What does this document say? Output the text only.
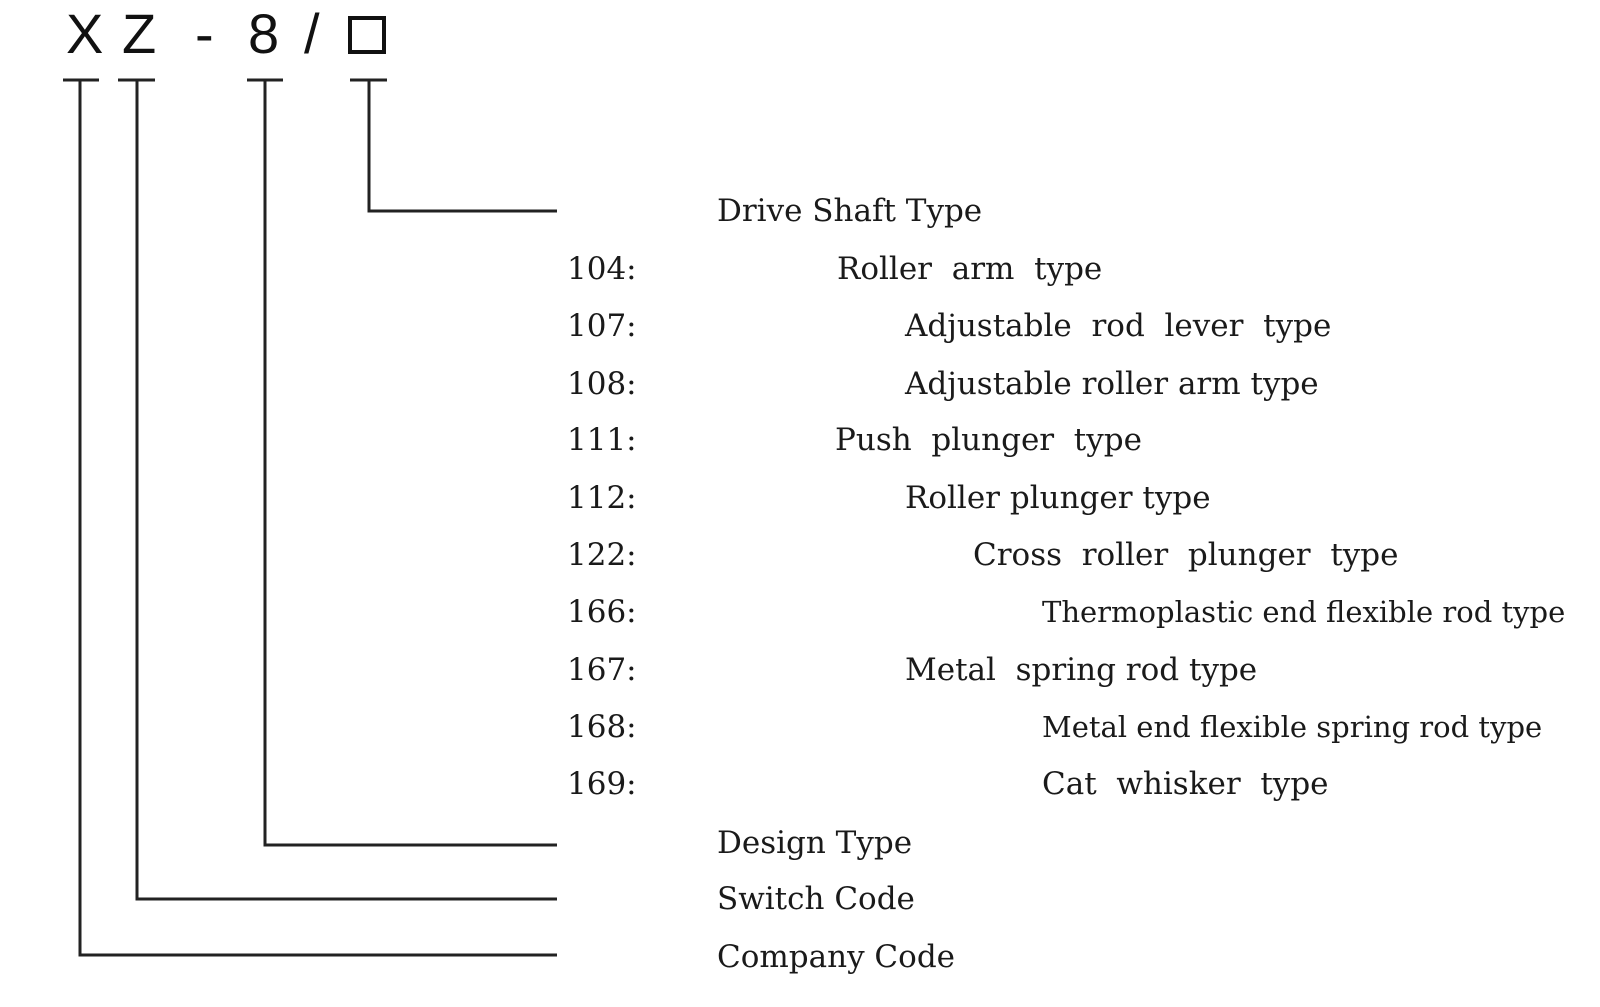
X Z - 8 /
Drive Shaft Type
Design Type
Switch Code
Company Code
104:	Roller  arm  type
107:	Adjustable  rod  lever  type
108:	Adjustable roller arm type
111:	Push  plunger  type
112:	Roller plunger type
122:	Cross  roller  plunger  type
166:	Thermoplastic end flexible rod type
167:	Metal  spring rod type
168:	Metal end flexible spring rod type
169:	Cat  whisker  type
